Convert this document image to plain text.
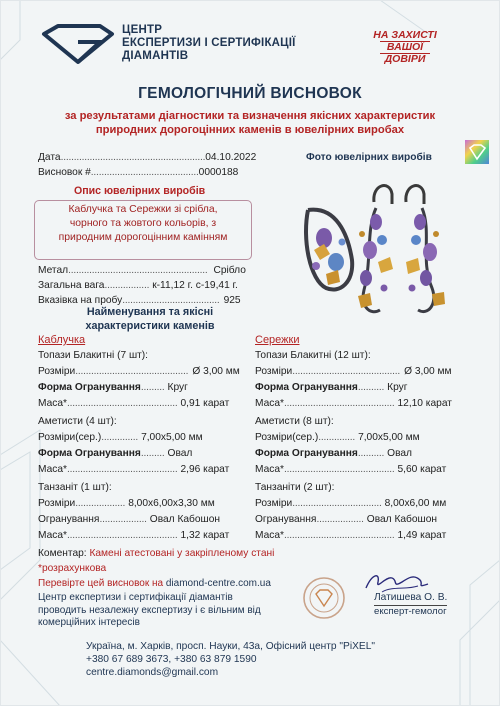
ЦЕНТР
ЕКСПЕРТИЗИ І СЕРТИФІКАЦІЇ
ДІАМАНТІВ
НА ЗАХИСТІ
ВАШОЇ
ДОВІРИ
ГЕМОЛОГІЧНИЙ ВИСНОВОК
за результатами діагностики та визначення якісних характеристик
природних дорогоцінних каменів в ювелірних виробах
Дата.......................................................04.10.2022
Висновок #.........................................0000188
Фото ювелірних виробів
Опис ювелірних виробів
Каблучка та Сережки зі срібла,
чорного та жовтого кольорів, з
природним дорогоцінним камінням
Метал..................................................... Срібло
Загальна вага................. к-11,12 г. с-19,41 г.
Вказівка на пробу..................................... 925
Найменування та якісні
характеристики каменів
Каблучка
Топази Блакитні (7 шт):
Розміри........................................... Ø 3,00 мм
Форма Огранування......... Круг
Маса*.......................................... 0,91 карат
Аметисти (4 шт):
Розміри(сер.).............. 7,00х5,00 мм
Форма Огранування......... Овал
Маса*.......................................... 2,96 карат
Танзаніт (1 шт):
Розміри................... 8,00х6,00х3,30 мм
Огранування.................. Овал Кабошон
Маса*.......................................... 1,32 карат
Сережки
Топази Блакитні (12 шт):
Розміри......................................... Ø 3,00 мм
Форма Огранування.......... Круг
Маса*.......................................... 12,10 карат
Аметисти (8 шт):
Розміри(сер.).............. 7,00х5,00 мм
Форма Огранування.......... Овал
Маса*.......................................... 5,60 карат
Танзаніти (2 шт):
Розміри.................................. 8,00х6,00 мм
Огранування.................. Овал Кабошон
Маса*.......................................... 1,49 карат
Коментар: Камені атестовані у закріпленому стані
*розрахункова
Перевірте цей висновок на diamond-centre.com.ua
Центр експертизи і сертифікації діамантів
проводить незалежну експертизу і є вільним від
комерційних інтересів
Латишева О. В.
експерт-гемолог
Україна, м. Харків, просп. Науки, 43а, Офісний центр "PiXEL"
+380 67 689 3673, +380 63 879 1590
centre.diamonds@gmail.com
